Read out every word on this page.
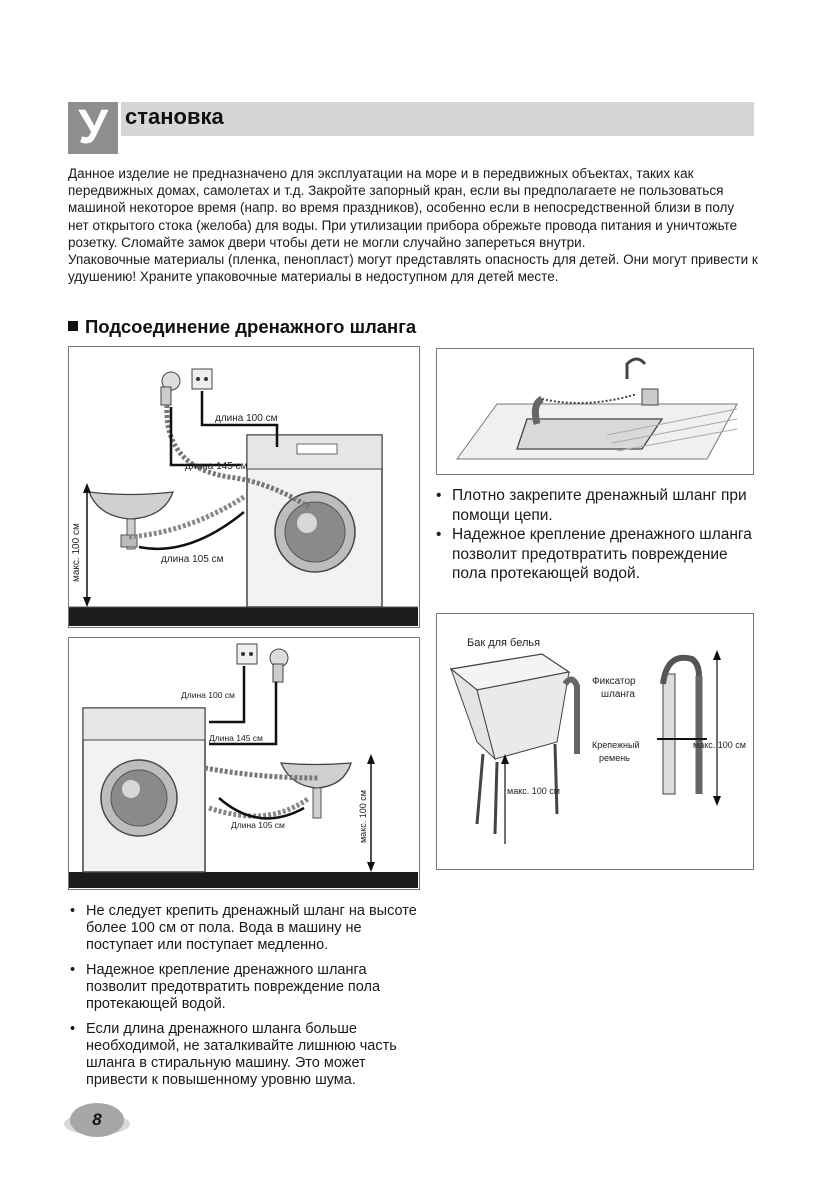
У становка

Данное изделие не предназначено для эксплуатации на море и в передвижных объектах, таких как передвижных домах, самолетах и т.д. Закройте запорный кран, если вы предполагаете не пользоваться машиной некоторое время (напр. во время праздников), особенно если в непосредственной близи в полу нет открытого стока (желоба) для воды. При утилизации прибора обрежьте провода питания и уничтожьте розетку. Сломайте замок двери чтобы дети не могли случайно запереться внутри.

Упаковочные материалы (пленка, пенопласт) могут представлять опасность для детей. Они могут привести к удушению! Храните упаковочные материалы в недоступном для детей месте.

Подсоединение дренажного шланга
длина 100 см
длина 145 см
длина 105 см
макс. 100 см
Длина 100 см
Длина 145 см
Длина 105 см	макс. 100 см
• Плотно закрепите дренажный шланг при помощи цепи.
• Надежное крепление дренажного шланга позволит предотвратить повреждение пола протекающей водой.
Бак для белья
Фиксатор
шланга
Крепежный
ремень
макс. 100 см
макс. 100 см
• Не следует крепить дренажный шланг на высоте более 100 см от пола. Вода в машину не поступает или поступает медленно.
• Надежное крепление дренажного шланга позволит предотвратить повреждение пола протекающей водой.
• Если длина дренажного шланга больше необходимой, не заталкивайте лишнюю часть шланга в стиральную машину. Это может привести к повышенному уровню шума.
8
